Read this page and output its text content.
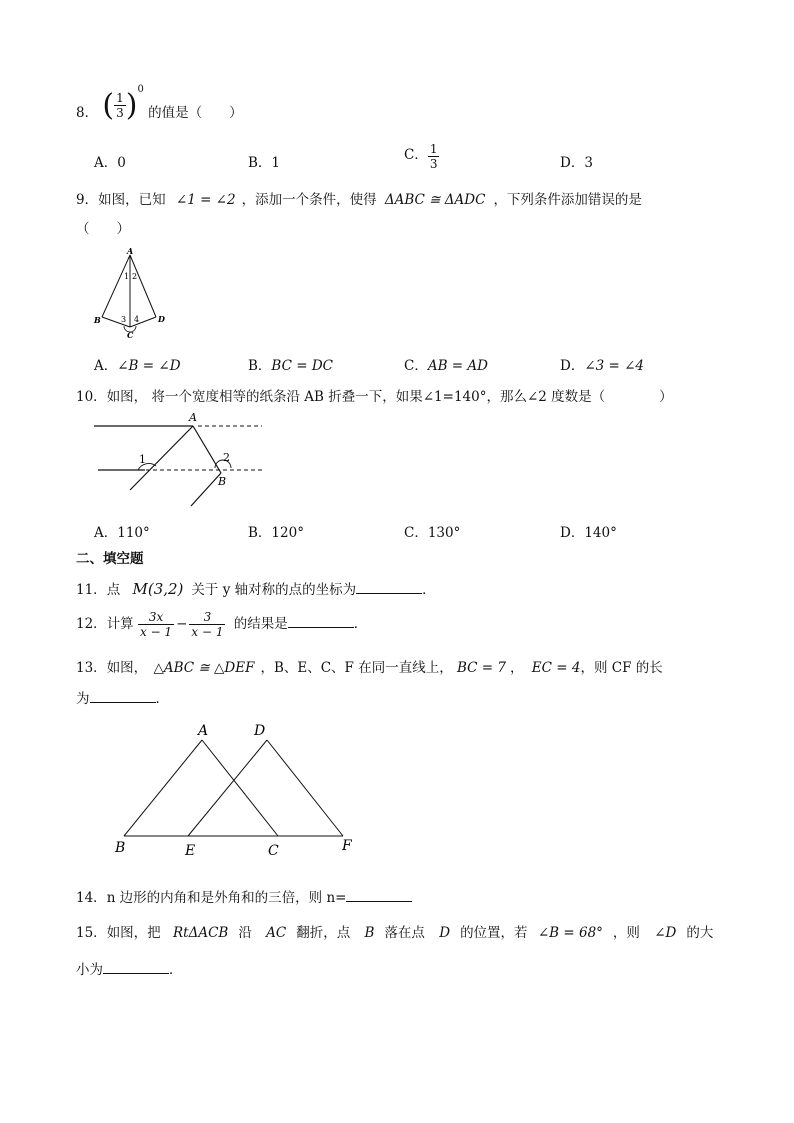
8． ( $\frac{1}{3} )^0$ 的值是（　　）
A．0	B．1	C． $\frac{1}{3}$	D．3
9．如图，已知 ∠1 = ∠2 ，添加一个条件，使得 ΔABC ≅ ΔADC ，下列条件添加错误的是
（　　）
A
1 2
B	3 4 D
C
A．∠B = ∠D	B．BC = DC	C．AB = AD	D．∠3 = ∠4
10．如图， 将一个宽度相等的纸条沿 AB 折叠一下，如果∠1=140°，那么∠2 度数是（　　　　）
A
1	2
B
A．110°	B．120°	C．130°	D．140°
二、填空题
11．点 M(3,2) 关于 y 轴对称的点的坐标为	．
12．计算 $\frac{3x}{x - 1} - \frac{3}{x - 1}$ 的结果是	．
13．如图， △ABC ≅ △DEF ，B、E、C、F 在同一直线上， BC = 7 ， EC = 4，则 CF 的长
为	．
A	D
B	E	C	F
14．n 边形的内角和是外角和的三倍，则 n=
15．如图，把 RtΔACB 沿 AC 翻折，点 B 落在点 D 的位置，若 ∠B = 68° ，则 ∠D 的大
小为	．
